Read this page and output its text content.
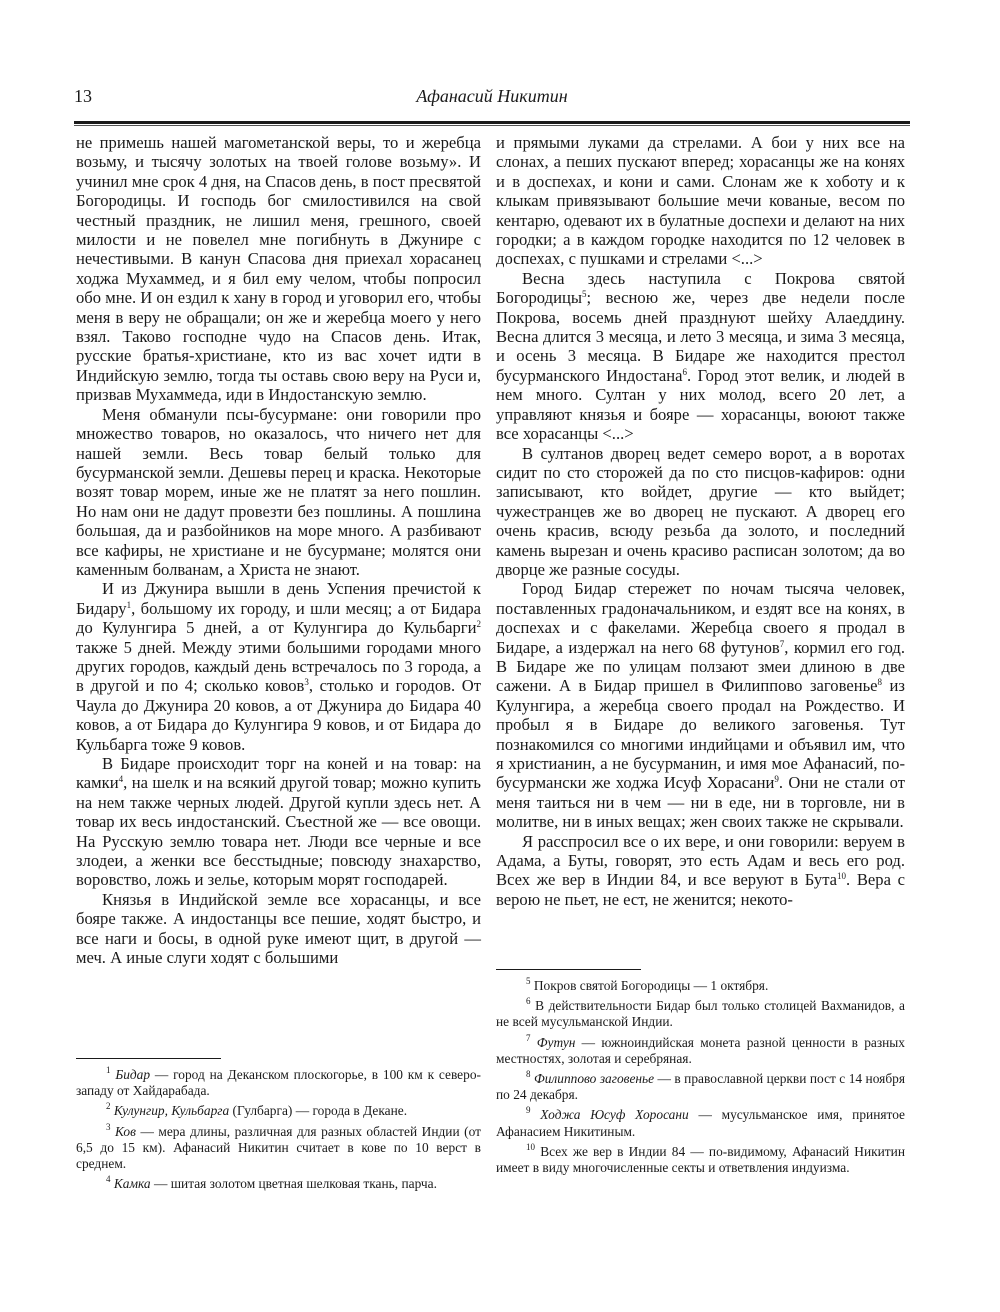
13	Афанасий Никитин

не примешь нашей магометанской веры, то и жеребца возьму, и тысячу золотых на твоей голове возьму». И учинил мне срок 4 дня, на Спасов день, в пост пресвятой Богородицы. И господь бог смилостивился на свой честный праздник, не лишил меня, грешного, своей милости и не повелел мне погибнуть в Джунире с нечестивыми. В канун Спасова дня приехал хорасанец ходжа Мухаммед, и я бил ему челом, чтобы попросил обо мне. И он ездил к хану в город и уговорил его, чтобы меня в веру не обращали; он же и жеребца моего у него взял. Таково господне чудо на Спасов день. Итак, русские братья-христиане, кто из вас хочет идти в Индийскую землю, тогда ты оставь свою веру на Руси и, призвав Мухаммеда, иди в Индостанскую землю.

Меня обманули псы-бусурмане: они говорили про множество товаров, но оказалось, что ничего нет для нашей земли. Весь товар белый только для бусурманской земли. Дешевы перец и краска. Некоторые возят товар морем, иные же не платят за него пошлин. Но нам они не дадут провезти без пошлины. А пошлина большая, да и разбойников на море много. А разбивают все кафиры, не христиане и не бусурмане; молятся они каменным болванам, а Христа не знают.

И из Джунира вышли в день Успения пречистой к Бидару$^1$, большому их городу, и шли месяц; а от Бидара до Кулунгира 5 дней, а от Кулунгира до Кульбарги$^2$ также 5 дней. Между этими большими городами много других городов, каждый день встречалось по 3 города, а в другой и по 4; сколько ковов$^3$, столько и городов. От Чаула до Джунира 20 ковов, а от Джунира до Бидара 40 ковов, а от Бидара до Кулунгира 9 ковов, и от Бидара до Кульбарга тоже 9 ковов.

В Бидаре происходит торг на коней и на товар: на камки$^4$, на шелк и на всякий другой товар; можно купить на нем также черных людей. Другой купли здесь нет. А товар их весь индостанский. Съестной же — все овощи. На Русскую землю товара нет. Люди все черные и все злодеи, а женки все бесстыдные; повсюду знахарство, воровство, ложь и зелье, которым морят господарей.

Князья в Индийской земле все хорасанцы, и все бояре также. А индостанцы все пешие, ходят быстро, и все наги и босы, в одной руке имеют щит, в другой — меч. А иные слуги ходят с большими

и прямыми луками да стрелами. А бои у них все на слонах, а пеших пускают вперед; хорасанцы же на конях и в доспехах, и кони и сами. Слонам же к хоботу и к клыкам привязывают большие мечи кованые, весом по кентарю, одевают их в булатные доспехи и делают на них городки; а в каждом городке находится по 12 человек в доспехах, с пушками и стрелами <...>

Весна здесь наступила с Покрова святой Богородицы$^5$; весною же, через две недели после Покрова, восемь дней празднуют шейху Алаеддину. Весна длится 3 месяца, и лето 3 месяца, и зима 3 месяца, и осень 3 месяца. В Бидаре же находится престол бусурманского Индостана$^6$. Город этот велик, и людей в нем много. Султан у них молод, всего 20 лет, а управляют князья и бояре — хорасанцы, воюют также все хорасанцы <...>

В султанов дворец ведет семеро ворот, а в воротах сидит по сто сторожей да по сто писцов-кафиров: одни записывают, кто войдет, другие — кто выйдет; чужестранцев же во дворец не пускают. А дворец его очень красив, всюду резьба да золото, и последний камень вырезан и очень красиво расписан золотом; да во дворце же разные сосуды.

Город Бидар стережет по ночам тысяча человек, поставленных градоначальником, и ездят все на конях, в доспехах и с факелами. Жеребца своего я продал в Бидаре, а издержал на него 68 футунов$^7$, кормил его год. В Бидаре же по улицам ползают змеи длиною в две сажени. А в Бидар пришел в Филиппово заговенье$^8$ из Кулунгира, а жеребца своего продал на Рождество. И пробыл я в Бидаре до великого заговенья. Тут познакомился со многими индийцами и объявил им, что я христианин, а не бусурманин, и имя мое Афанасий, по-бусурмански же ходжа Исуф Хорасани$^9$. Они не стали от меня таиться ни в чем — ни в еде, ни в торговле, ни в молитве, ни в иных вещах; жен своих также не скрывали.

Я расспросил все о их вере, и они говорили: веруем в Адама, а Буты, говорят, это есть Адам и весь его род. Всех же вер в Индии 84, и все веруют в Бута$^{10}$. Вера с верою не пьет, не ест, не женится; некото-

$^1$ Бидар — город на Деканском плоскогорье, в 100 км к северо-западу от Хайдарабада.

$^2$ Кулунгир, Кульбарга (Гулбарга) — города в Декане.

$^3$ Ков — мера длины, различная для разных областей Индии (от 6,5 до 15 км). Афанасий Никитин считает в кове по 10 верст в среднем.

$^4$ Камка — шитая золотом цветная шелковая ткань, парча.

$^5$ Покров святой Богородицы — 1 октября.

$^6$ В действительности Бидар был только столицей Вахманидов, а не всей мусульманской Индии.

$^7$ Футун — южноиндийская монета разной ценности в разных местностях, золотая и серебряная.

$^8$ Филиппово заговенье — в православной церкви пост с 14 ноября по 24 декабря.

$^9$ Ходжа Юсуф Хоросани — мусульманское имя, принятое Афанасием Никитиным.

$^{10}$ Всех же вер в Индии 84 — по-видимому, Афанасий Никитин имеет в виду многочисленные секты и ответвления индуизма.
